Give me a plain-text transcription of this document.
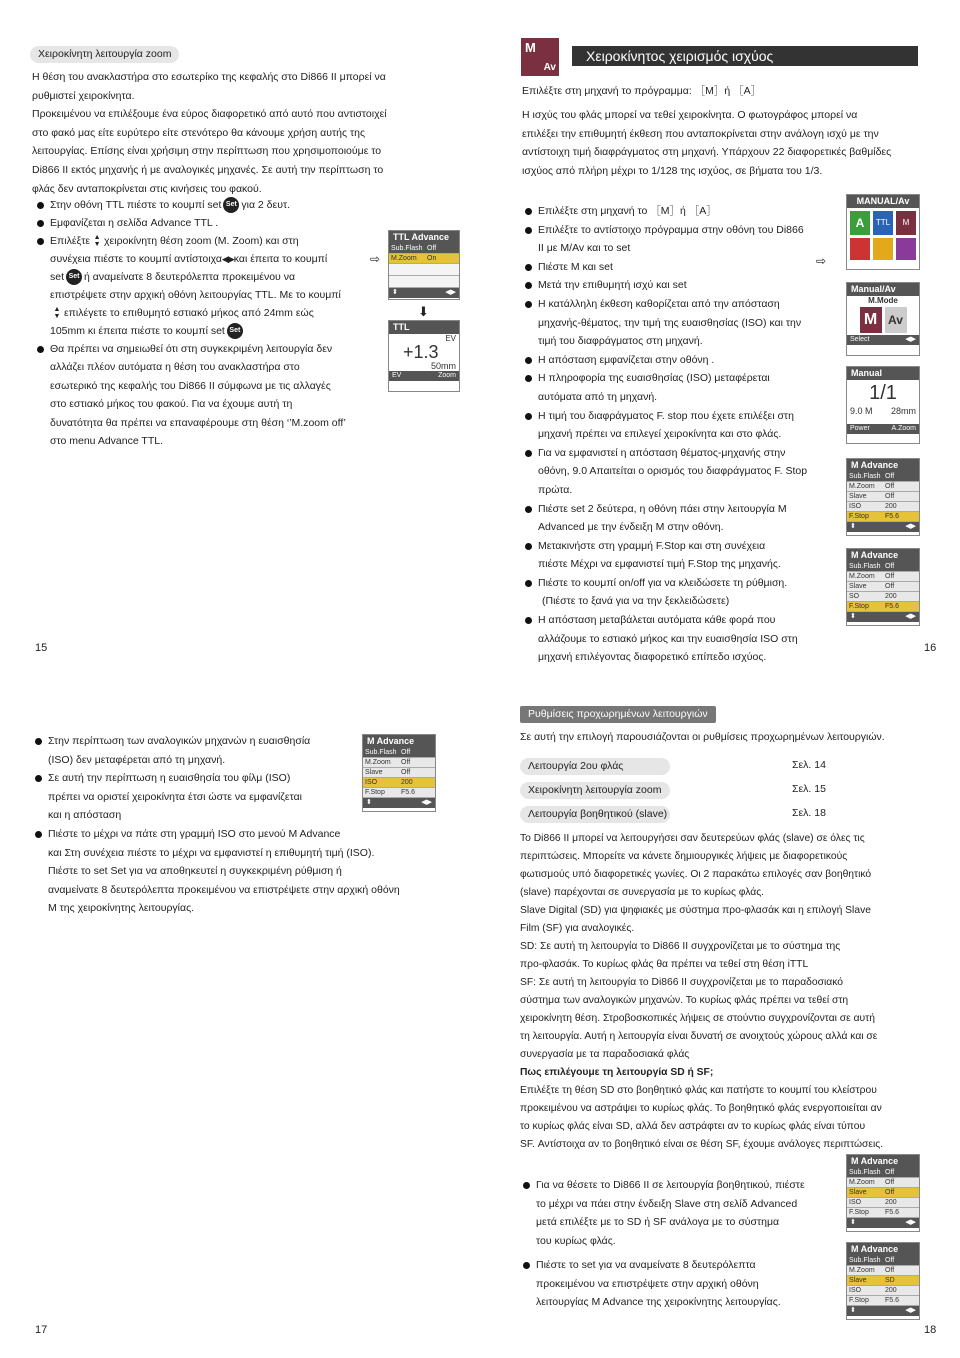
Χειροκίνητη λειτουργία zoom
Η θέση του ανακλαστήρα στο εσωτερίκο της κεφαλής στο Di866 II μπορεί να
ρυθμιστεί χειροκίνητα.
Προκειμένου να επιλέξουμε ένα εύρος διαφορετικό από αυτό που αντιστοιχεί
στο φακό μας είτε ευρύτερο είτε στενότερο θα κάνουμε χρήση αυτής της
λειτουργίας. Επίσης είναι χρήσιμη στην περίπτωση που χρησιμοποιούμε το
Di866 II εκτός μηχανής ή με αναλογικές μηχανές. Σε αυτή την περίπτωση το
φλάς δεν ανταποκρίνεται στις κινήσεις του φακού.
Στην οθόνη TTL πιέστε το κουμπί set Set για 2 δευτ.
Εμφανίζεται η σελίδα Advance TTL .
Επιλέξτε ▲
▼ χειροκίνητη θέση zoom (M. Zoom) και στη
συνέχεια πιέστε το κουμπί αντίστοιχα◀▶και έπειτα το κουμπί
set Set ή αναμείνατε 8 δευτερόλεπτα προκειμένου να
επιστρέψετε στην αρχική οθόνη λειτουργίας TTL. Με το κουμπί
▲
▼ επιλέγετε το επιθυμητό εστιακό μήκος από 24mm εώς
105mm κι έπειτα πιέστε το κουμπί set Set
Θα πρέπει να σημειωθεί ότι στη συγκεκριμένη λειτουργία δεν
αλλάζει πλέον αυτόματα η θέση του ανακλαστήρα στο
εσωτερικό της κεφαλής του Di866 II σύμφωνα με τις αλλαγές
στο εστιακό μήκος του φακού. Για να έχουμε αυτή τη
δυνατότητα θα πρέπει να επαναφέρουμε στη θέση ‘’M.zoom off’
στο menu Advance TTL.
TTL Advance
Sub.Flash Off
M.Zoom	On
⬍	◀▶
⇨
⬇
TTL
EV
+1.3
50mm
EV	Zoom
15
M
Av
Χειροκίνητος χειρισμός ισχύος
Επιλέξτε στη μηχανή το πρόγραμμα: ［M］ή ［A］
Η ισχύς του φλάς μπορεί να τεθεί χειροκίνητα. Ο φωτογράφος μπορεί να
επιλέξει την επιθυμητή έκθεση που ανταποκρίνεται στην ανάλογη ισχύ με την
αντίστοιχη τιμή διαφράγματος στη μηχανή. Υπάρχουν 22 διαφορετικές βαθμίδες
ισχύος από πλήρη μέχρι το 1/128 της ισχύος, σε βήματα του 1/3.
Επιλέξτε στη μηχανή το ［M］ή ［A］
Επιλέξτε το αντίστοιχο πρόγραμμα στην οθόνη του Di866
II με M/Av και το set
Πιέστε M και set
Μετά την επιθυμητή ισχύ και set
Η κατάλληλη έκθεση καθορίζεται από την απόσταση
μηχανής-θέματος, την τιμή της ευαισθησίας (ISO) και την
τιμή του διαφράγματος στη μηχανή.
Η απόσταση εμφανίζεται στην οθόνη .
Η πληροφορία της ευαισθησίας (ISO) μεταφέρεται
αυτόματα από τη μηχανή.
Η τιμή του διαφράγματος F. stop που έχετε επιλέξει στη
μηχανή πρέπει να επιλεγεί χειροκίνητα και στο φλάς.
Για να εμφανιστεί η απόσταση θέματος-μηχανής στην
οθόνη, 9.0 Απαιτείται ο ορισμός του διαφράγματος F. Stop
πρώτα.
Πιέστε set 2 δεύτερα, η οθόνη πάει στην λειτουργία M
Advanced με την ένδειξη M στην οθόνη.
Μετακινήστε στη γραμμή F.Stop και στη συνέχεια
πιέστε Μέχρι να εμφανιστεί τιμή F.Stop της μηχανής.
Πιέστε το κουμπί on/off για να κλειδώσετε τη ρύθμιση.
(Πιέστε το ξανά για να την ξεκλειδώσετε)
Η απόσταση μεταβάλεται αυτόματα κάθε φορά που
αλλάζουμε το εστιακό μήκος και την ευαισθησία ISO στη
μηχανή επιλέγοντας διαφορετικό επίπεδο ισχύος.
MANUAL/Av
A	TTL	M
⇨
Manual/Av
M.Mode
M Av
Select	◀▶
Manual
1/1
9.0 M 28mm
Power	A.Zoom
M Advance
Sub.Flash Off
M.Zoom	Off
Slave	Off
ISO	200
F.Stop	F5.6
⬍	◀▶
M Advance
Sub.Flash Off
M.Zoom	Off
Slave	Off
SO	200
F.Stop	F5.6
⬍	◀▶
16
Στην περίπτωση των αναλογικών μηχανών η ευαισθησία
(ISO) δεν μεταφέρεται από τη μηχανή.
Σε αυτή την περίπτωση η ευαισθησία του φίλμ (ISO)
πρέπει να οριστεί χειροκίνητα έτσι ώστε να εμφανίζεται
και η απόσταση
Πιέστε το μέχρι να πάτε στη γραμμή ISO στο μενού M Advance
και Στη συνέχεια πιέστε το μέχρι να εμφανιστεί η επιθυμητή τιμή (ISO).
Πιέστε το set Set για να αποθηκευτεί η συγκεκριμένη ρύθμιση ή
αναμείνατε 8 δευτερόλεπτα προκειμένου να επιστρέψετε στην αρχική οθόνη
M της χειροκίνητης λειτουργίας.
M Advance
Sub.Flash Off
M.Zoom	Off
Slave	Off
ISO	200
F.Stop	F5.6
⬍	◀▶
17
Ρυθμίσεις προχωρημένων λειτουργιών
Σε αυτή την επιλογή παρουσιάζονται οι ρυθμίσεις προχωρημένων λειτουργιών.
Λειτουργία 2ου φλάς	Σελ. 14
Χειροκίνητη λειτουργία zoom	Σελ. 15
Λειτουργία βοηθητικού (slave)	Σελ. 18
Το Di866 II μπορεί να λειτουργήσει σαν δευτερεύων φλάς (slave) σε όλες τις
περιπτώσεις. Μπορείτε να κάνετε δημιουργικές λήψεις με διαφορετικούς
φωτισμούς υπό διαφορετικές γωνίες. Οι 2 παρακάτω επιλογές σαν βοηθητικό
(slave) παρέχονται σε συνεργασία με το κυρίως φλάς.
Slave Digital (SD) για ψηφιακές με σύστημα προ-φλασάκ και η επιλογή Slave
Film (SF) για αναλογικές.
SD: Σε αυτή τη λειτουργία το Di866 II συγχρονίζεται με το σύστημα της
προ-φλασάκ. Το κυρίως φλάς θα πρέπει να τεθεί στη θέση iTTL
SF: Σε αυτή τη λειτουργία το Di866 II συγχρονίζεται με το παραδοσιακό
σύστημα των αναλογικών μηχανών. Το κυρίως φλάς πρέπει να τεθεί στη
χειροκίνητη θέση. Στροβοσκοπικές λήψεις σε στούντιο συγχρονίζονται σε αυτή
τη λειτουργία. Αυτή η λειτουργία είναι δυνατή σε ανοιχτούς χώρους αλλά και σε
συνεργασία με τα παραδοσιακά φλάς
Πως επιλέγουμε τη λειτουργία SD ή SF;
Επιλέξτε τη θέση SD στο βοηθητικό φλάς και πατήστε το κουμπί του κλείστρου
προκειμένου να αστράψει το κυρίως φλάς. Το βοηθητικό φλάς ενεργοποιείται αν
το κυρίως φλάς είναι SD, αλλά δεν αστράφτει αν το κυρίως φλάς είναι τύπου
SF. Αντίστοιχα αν το βοηθητικό είναι σε θέση SF, έχουμε ανάλογες περιπτώσεις.
Για να θέσετε το Di866 II σε λειτουργία βοηθητικού, πιέστε
το μέχρι να πάει στην ένδειξη Slave στη σελίδ Advanced
μετά επιλέξτε με το SD ή SF ανάλογα με το σύστημα
του κυρίως φλάς.
Πιέστε το set για να αναμείνατε 8 δευτερόλεπτα
προκειμένου να επιστρέψετε στην αρχική οθόνη
λειτουργίας M Advance της χειροκίνητης λειτουργίας.
M Advance
Sub.Flash Off
M.Zoom	Off
Slave	Off
ISO	200
F.Stop	F5.6
⬍	◀▶
M Advance
Sub.Flash Off
M.Zoom	Off
Slave	SD
ISO	200
F.Stop	F5.6
⬍	◀▶
18
